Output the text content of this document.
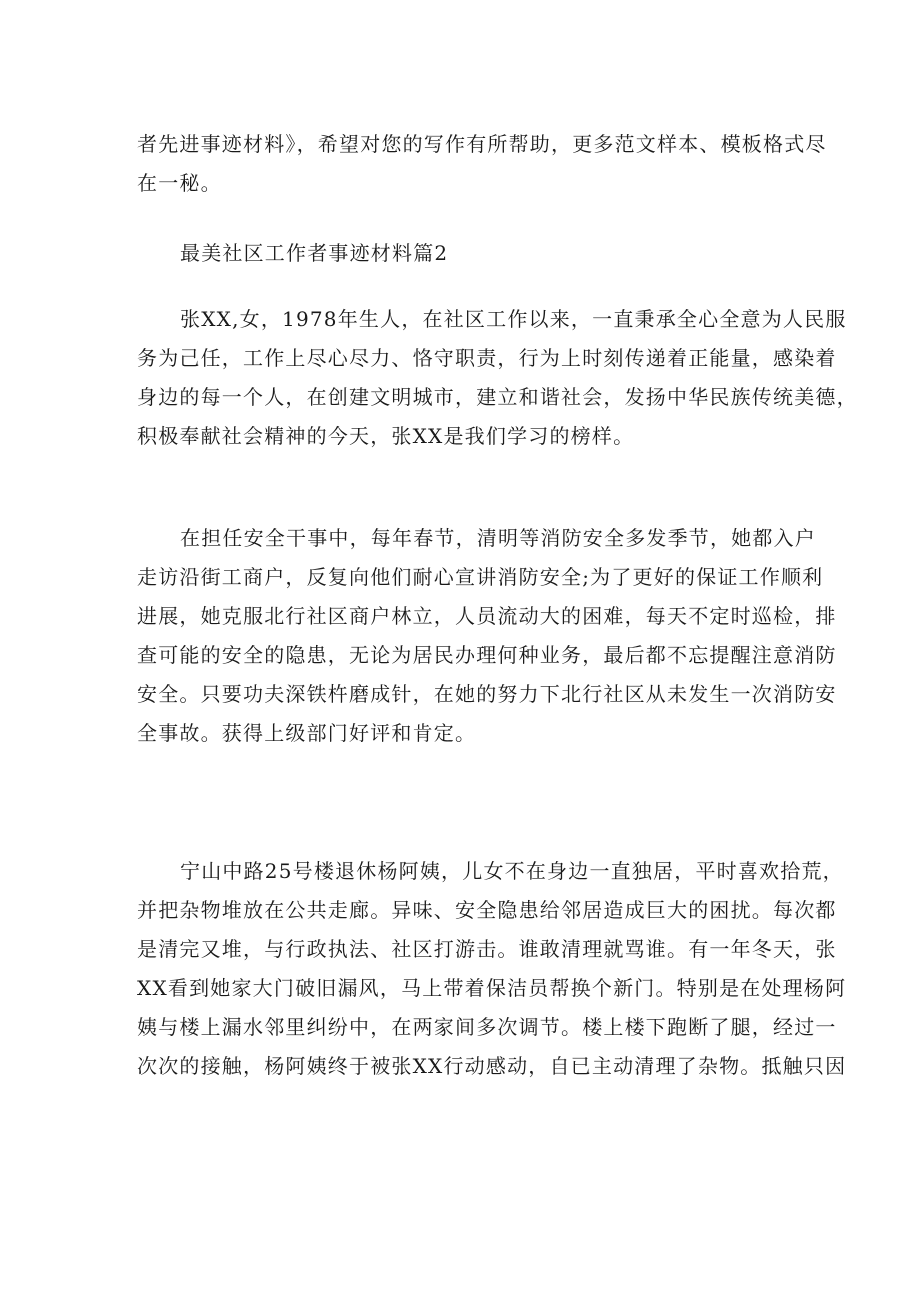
者先进事迹材料》，希望对您的写作有所帮助，更多范文样本、模板格式尽
在一秘。
最美社区工作者事迹材料篇2
张XX,女，1978年生人，在社区工作以来，一直秉承全心全意为人民服
务为己任，工作上尽心尽力、恪守职责，行为上时刻传递着正能量，感染着
身边的每一个人，在创建文明城市，建立和谐社会，发扬中华民族传统美德，
积极奉献社会精神的今天，张XX是我们学习的榜样。
在担任安全干事中，每年春节，清明等消防安全多发季节，她都入户
走访沿街工商户，反复向他们耐心宣讲消防安全;为了更好的保证工作顺利
进展，她克服北行社区商户林立，人员流动大的困难，每天不定时巡检，排
查可能的安全的隐患，无论为居民办理何种业务，最后都不忘提醒注意消防
安全。只要功夫深铁杵磨成针，在她的努力下北行社区从未发生一次消防安
全事故。获得上级部门好评和肯定。
宁山中路25号楼退休杨阿姨，儿女不在身边一直独居，平时喜欢拾荒，
并把杂物堆放在公共走廊。异味、安全隐患给邻居造成巨大的困扰。每次都
是清完又堆，与行政执法、社区打游击。谁敢清理就骂谁。有一年冬天，张
XX看到她家大门破旧漏风，马上带着保洁员帮换个新门。特别是在处理杨阿
姨与楼上漏水邻里纠纷中，在两家间多次调节。楼上楼下跑断了腿，经过一
次次的接触，杨阿姨终于被张XX行动感动，自已主动清理了杂物。抵触只因
